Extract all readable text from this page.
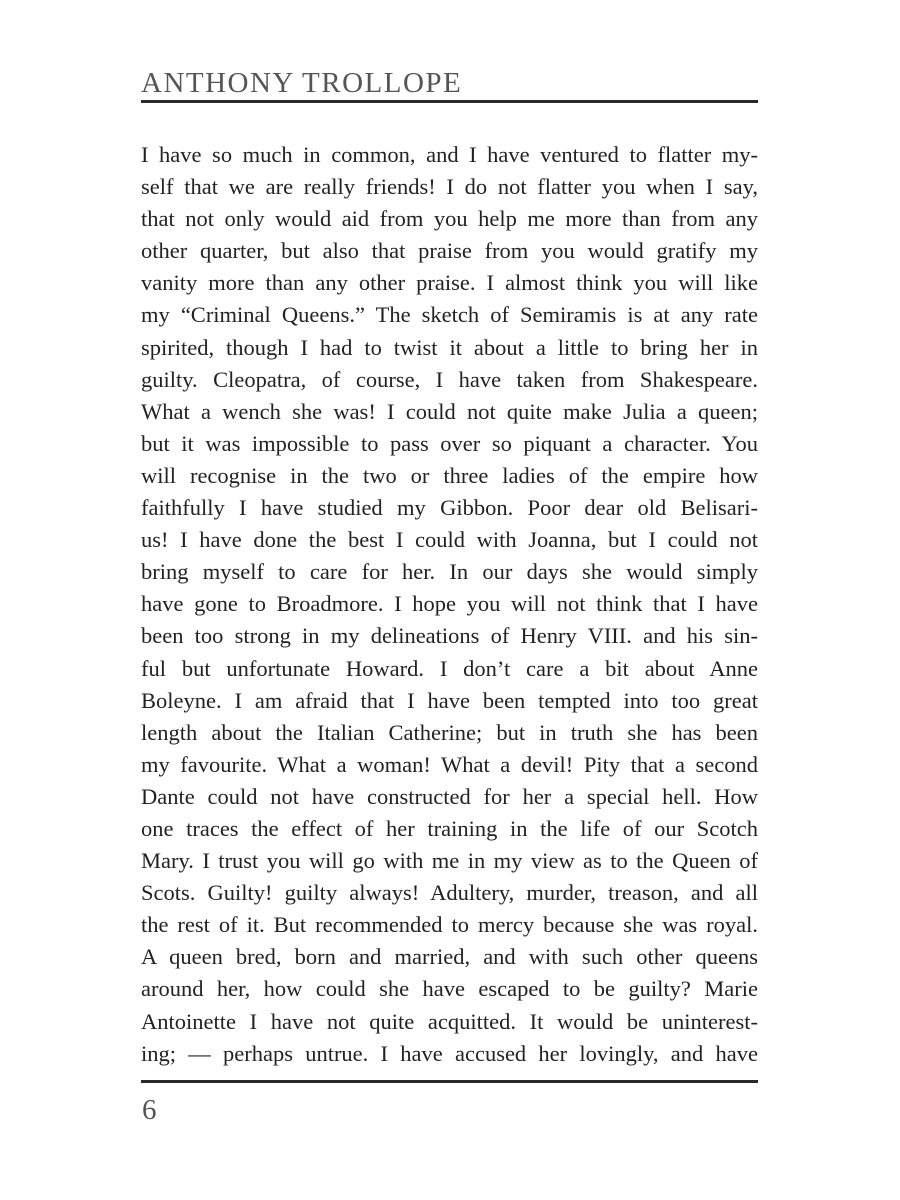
ANTHONY TROLLOPE
I have so much in common, and I have ventured to flatter my-
self that we are really friends! I do not flatter you when I say,
that not only would aid from you help me more than from any
other quarter, but also that praise from you would gratify my
vanity more than any other praise. I almost think you will like
my “Criminal Queens.” The sketch of Semiramis is at any rate
spirited, though I had to twist it about a little to bring her in
guilty. Cleopatra, of course, I have taken from Shakespeare.
What a wench she was! I could not quite make Julia a queen;
but it was impossible to pass over so piquant a character. You
will recognise in the two or three ladies of the empire how
faithfully I have studied my Gibbon. Poor dear old Belisari-
us! I have done the best I could with Joanna, but I could not
bring myself to care for her. In our days she would simply
have gone to Broadmore. I hope you will not think that I have
been too strong in my delineations of Henry VIII. and his sin-
ful but unfortunate Howard. I don’t care a bit about Anne
Boleyne. I am afraid that I have been tempted into too great
length about the Italian Catherine; but in truth she has been
my favourite. What a woman! What a devil! Pity that a second
Dante could not have constructed for her a special hell. How
one traces the effect of her training in the life of our Scotch
Mary. I trust you will go with me in my view as to the Queen of
Scots. Guilty! guilty always! Adultery, murder, treason, and all
the rest of it. But recommended to mercy because she was royal.
A queen bred, born and married, and with such other queens
around her, how could she have escaped to be guilty? Marie
Antoinette I have not quite acquitted. It would be uninterest-
ing; — perhaps untrue. I have accused her lovingly, and have
6
